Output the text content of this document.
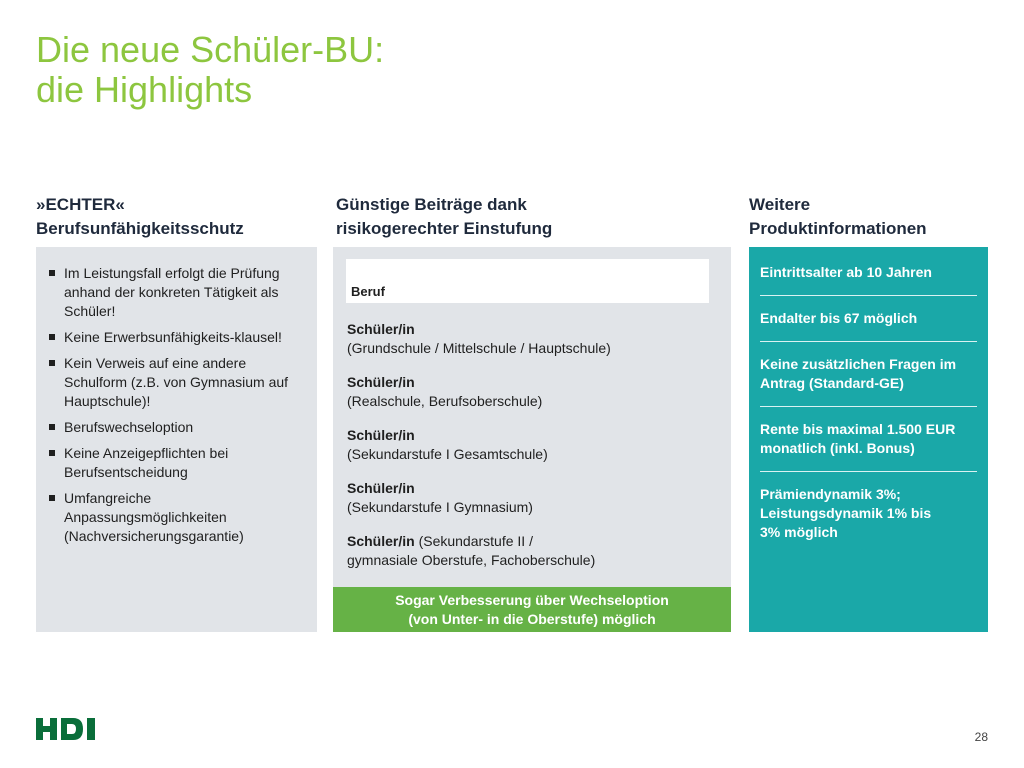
Die neue Schüler-BU:
die Highlights
»ECHTER«
Berufsunfähigkeitsschutz
Günstige Beiträge dank
risikogerechter Einstufung
Weitere
Produktinformationen
Im Leistungsfall erfolgt die Prüfung anhand der konkreten Tätigkeit als Schüler!
Keine Erwerbsunfähigkeits-klausel!
Kein Verweis auf eine andere Schulform (z.B. von Gymnasium auf Hauptschule)!
Berufswechseloption
Keine Anzeigepflichten bei Berufsentscheidung
Umfangreiche Anpassungsmöglichkeiten (Nachversicherungsgarantie)
Beruf
Schüler/in
(Grundschule / Mittelschule / Hauptschule)
Schüler/in
(Realschule, Berufsoberschule)
Schüler/in
(Sekundarstufe I Gesamtschule)
Schüler/in
(Sekundarstufe I Gymnasium)
Schüler/in (Sekundarstufe II /
gymnasiale Oberstufe, Fachoberschule)
Sogar Verbesserung über Wechseloption
(von Unter- in die Oberstufe) möglich
Eintrittsalter ab 10 Jahren
Endalter bis 67 möglich
Keine zusätzlichen Fragen im Antrag (Standard-GE)
Rente bis maximal 1.500 EUR monatlich (inkl. Bonus)
Prämiendynamik 3%; Leistungsdynamik 1% bis 3% möglich
28
